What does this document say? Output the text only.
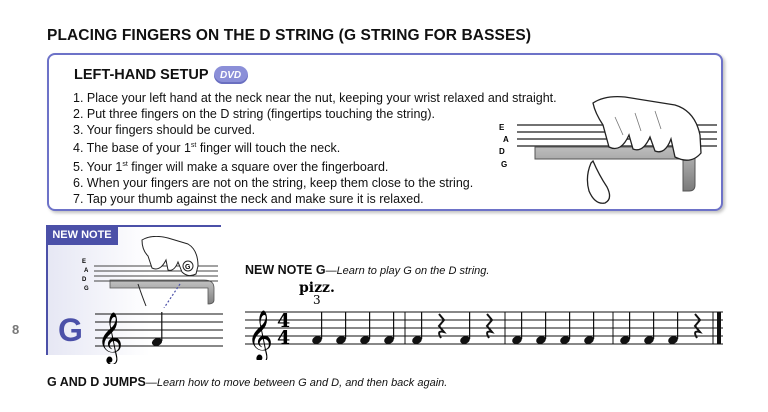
PLACING FINGERS ON THE D STRING (G STRING FOR BASSES)
LEFT-HAND SETUP	DVD
1. Place your left hand at the neck near the nut, keeping your wrist relaxed and straight.
2. Put three fingers on the D string (fingertips touching the string).
3. Your fingers should be curved.
4. The base of your 1st finger will touch the neck.
5. Your 1st finger will make a square over the fingerboard.
6. When your fingers are not on the string, keep them close to the string.
7. Tap your thumb against the neck and make sure it is relaxed.
E
A
D
G
8
NEW NOTE
E
A
D
G
G
G 𝄞
NEW NOTE G—Learn to play G on the D string.
pizz.
3
𝄞 4
4
G AND D JUMPS—Learn how to move between G and D, and then back again.
